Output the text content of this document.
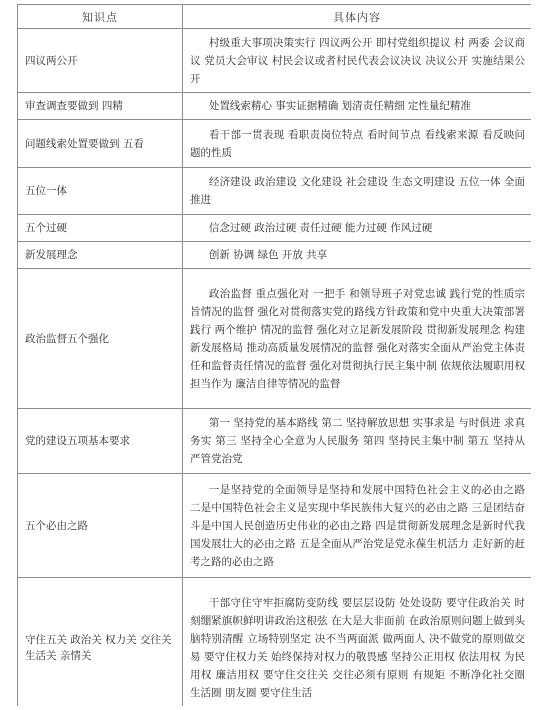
知识点	具体内容
四议两公开	村级重大事项决策实行 四议两公开 即村党组织提议 村 两委 会议商议 党员大会审议 村民会议或者村民代表会议决议 决议公开 实施结果公开
审查调查要做到 四精	处置线索精心 事实证据精确 划清责任精细 定性量纪精准
问题线索处置要做到 五看	看干部一贯表现 看职责岗位特点 看时间节点 看线索来源 看反映问题的性质
五位一体	经济建设 政治建设 文化建设 社会建设 生态文明建设 五位一体 全面推进
五个过硬	信念过硬 政治过硬 责任过硬 能力过硬 作风过硬
新发展理念	创新 协调 绿色 开放 共享
政治监督五个强化	政治监督 重点强化对 一把手 和领导班子对党忠诚 践行党的性质宗旨情况的监督 强化对贯彻落实党的路线方针政策和党中央重大决策部署 践行 两个维护 情况的监督 强化对立足新发展阶段 贯彻新发展理念 构建新发展格局 推动高质量发展情况的监督 强化对落实全面从严治党主体责任和监督责任情况的监督 强化对贯彻执行民主集中制 依规依法履职用权 担当作为 廉洁自律等情况的监督
党的建设五项基本要求	第一 坚持党的基本路线 第二 坚持解放思想 实事求是 与时俱进 求真务实 第三 坚持全心全意为人民服务 第四 坚持民主集中制 第五 坚持从严管党治党
五个必由之路	一是坚持党的全面领导是坚持和发展中国特色社会主义的必由之路 二是中国特色社会主义是实现中华民族伟大复兴的必由之路 三是团结奋斗是中国人民创造历史伟业的必由之路 四是贯彻新发展理念是新时代我国发展壮大的必由之路 五是全面从严治党是党永葆生机活力 走好新的赶考之路的必由之路
守住五关 政治关 权力关 交往关 生活关 亲情关	干部守住守牢拒腐防变防线 要层层设防 处处设防 要守住政治关 时刻绷紧旗帜鲜明讲政治这根弦 在大是大非面前 在政治原则问题上做到头脑特别清醒 立场特别坚定 决不当两面派 做两面人 决不做党的原则做交易 要守住权力关 始终保持对权力的敬畏感 坚持公正用权 依法用权 为民用权 廉洁用权 要守住交往关 交往必须有原则 有规矩 不断净化社交圈 生活圈 朋友圈 要守住生活
